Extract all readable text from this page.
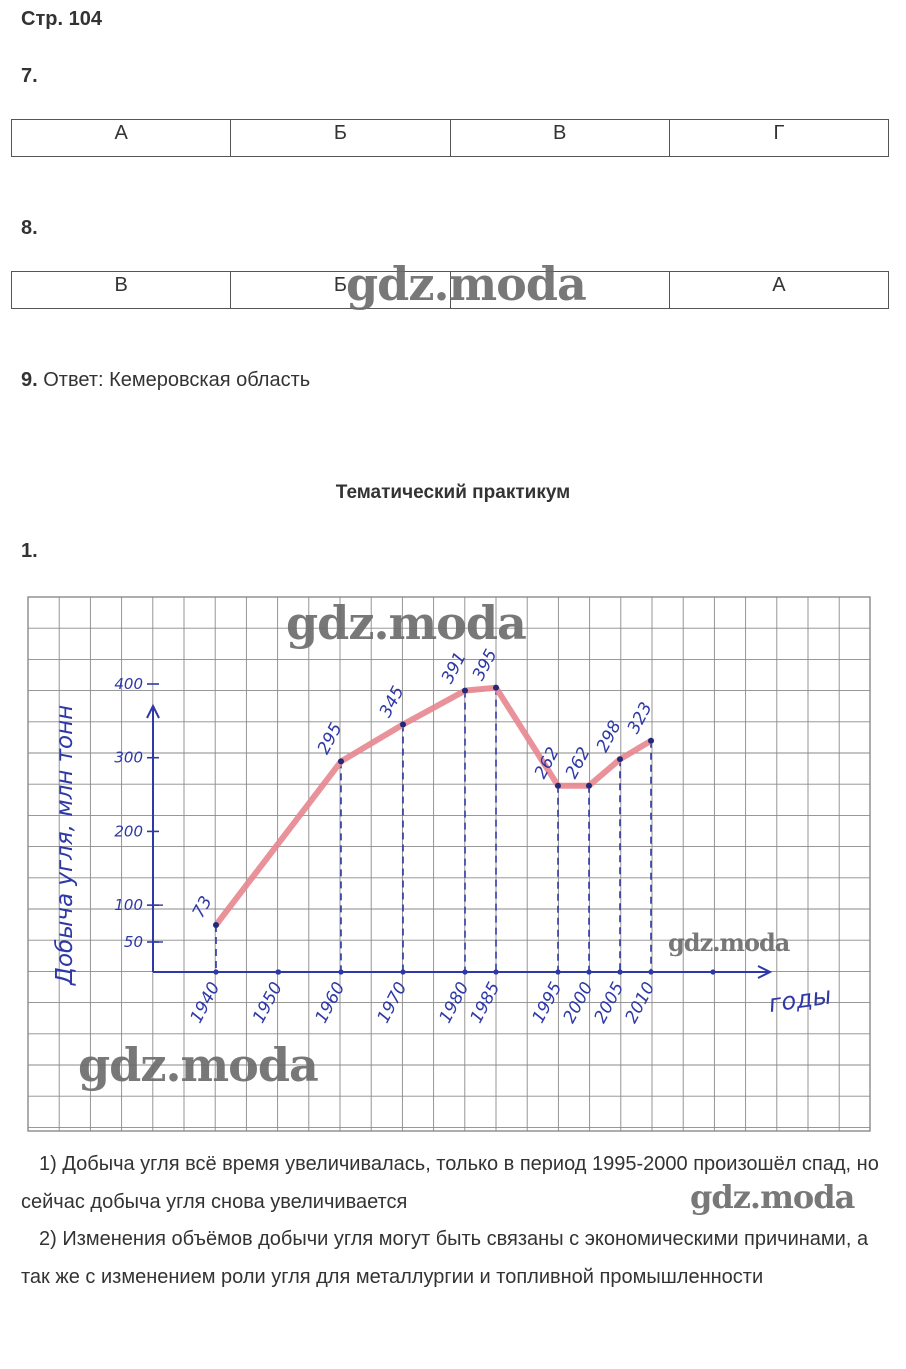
Стр. 104
7.
А	Б	В	Г
8.
В	Б		А
gdz.moda
9. Ответ: Кемеровская область
Тематический практикум
1.
50
100
200
300
400
1940 1950 1960 1970 1980
1985 1995
2000
2005
2010
Добыча угля, млн тонн
годы
73
295
345
391
395
262
262
298
323
gdz.moda
gdz.moda
gdz.moda
1) Добыча угля всё время увеличивалась, только в период 1995-2000 произошёл спад, но сейчас добыча угля снова увеличивается
2) Изменения объёмов добычи угля могут быть связаны с экономическими причинами, а так же с изменением роли угля для металлургии и топливной промышленности
gdz.moda
